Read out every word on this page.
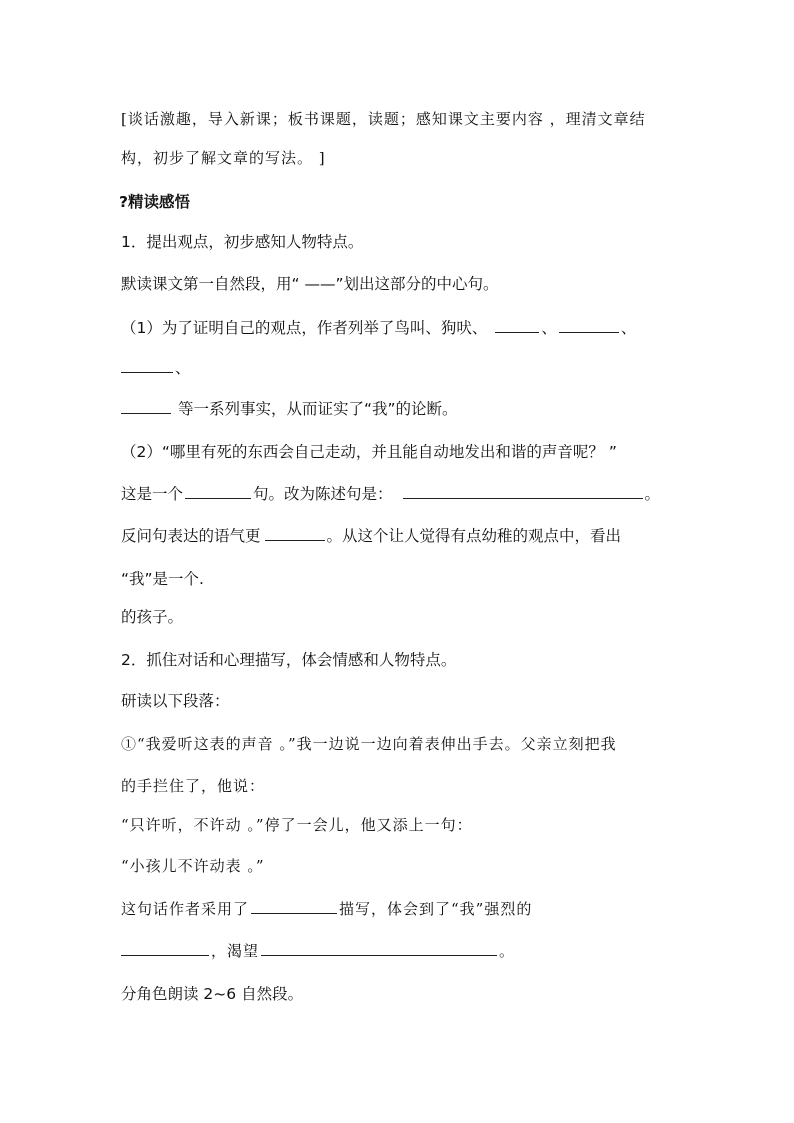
[谈话激趣，导入新课；板书课题，读题；感知课文主要内容 ，理清文章结
构，初步了解文章的写法。 ]
?精读感悟
1．提出观点，初步感知人物特点。
默读课文第一自然段，用“ ——”划出这部分的中心句。
（1）为了证明自己的观点，作者列举了鸟叫、狗吠、	、	、
、
等一系列事实，从而证实了“我”的论断。
（2）“哪里有死的东西会自己走动，并且能自动地发出和谐的声音呢？ ”
这是一个	句。改为陈述句是：	。
反问句表达的语气更	。从这个让人觉得有点幼稚的观点中，看出
“我”是一个.
的孩子。
2．抓住对话和心理描写，体会情感和人物特点。
研读以下段落：
①“我爱听这表的声音 。”我一边说一边向着表伸出手去。父亲立刻把我
的手拦住了，他说：
“只许听，不许动 。”停了一会儿，他又添上一句：
“小孩儿不许动表 。”
这句话作者采用了	描写，体会到了“我”强烈的
，渴望	。
分角色朗读 2~6 自然段。
